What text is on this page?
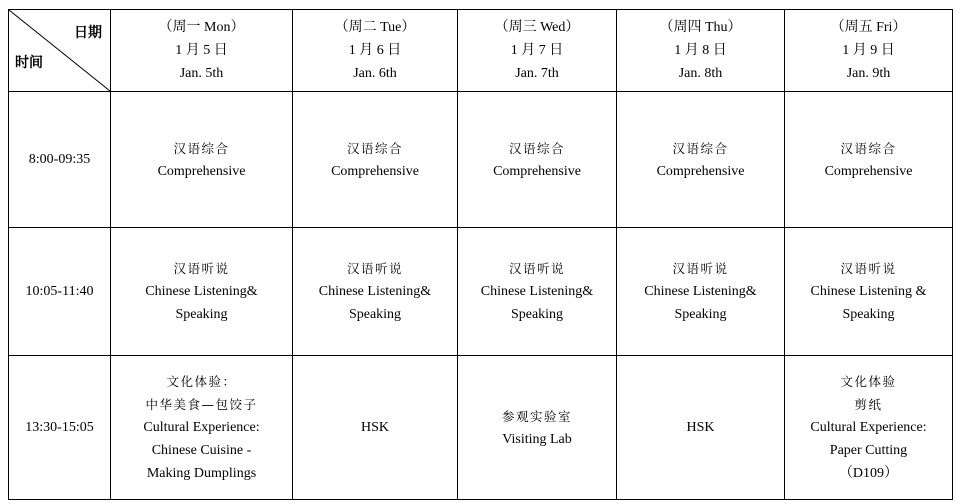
日期
时间	（周一 Mon）
1 月 5 日
Jan. 5th	（周二 Tue）
1 月 6 日
Jan. 6th	（周三 Wed）
1 月 7 日
Jan. 7th	（周四 Thu）
1 月 8 日
Jan. 8th	（周五 Fri）
1 月 9 日
Jan. 9th

8:00-09:35	汉语综合
Comprehensive	汉语综合
Comprehensive	汉语综合
Comprehensive	汉语综合
Comprehensive	汉语综合
Comprehensive

10:05-11:40	汉语听说
Chinese Listening&
Speaking	汉语听说
Chinese Listening&
Speaking	汉语听说
Chinese Listening&
Speaking	汉语听说
Chinese Listening&
Speaking	汉语听说
Chinese Listening &
Speaking

13:30-15:05	文化体验：
中华美食—包饺子
Cultural Experience:
Chinese Cuisine -
Making Dumplings	HSK	参观实验室
Visiting Lab	HSK	文化体验
剪纸
Cultural Experience:
Paper Cutting
（D109）
